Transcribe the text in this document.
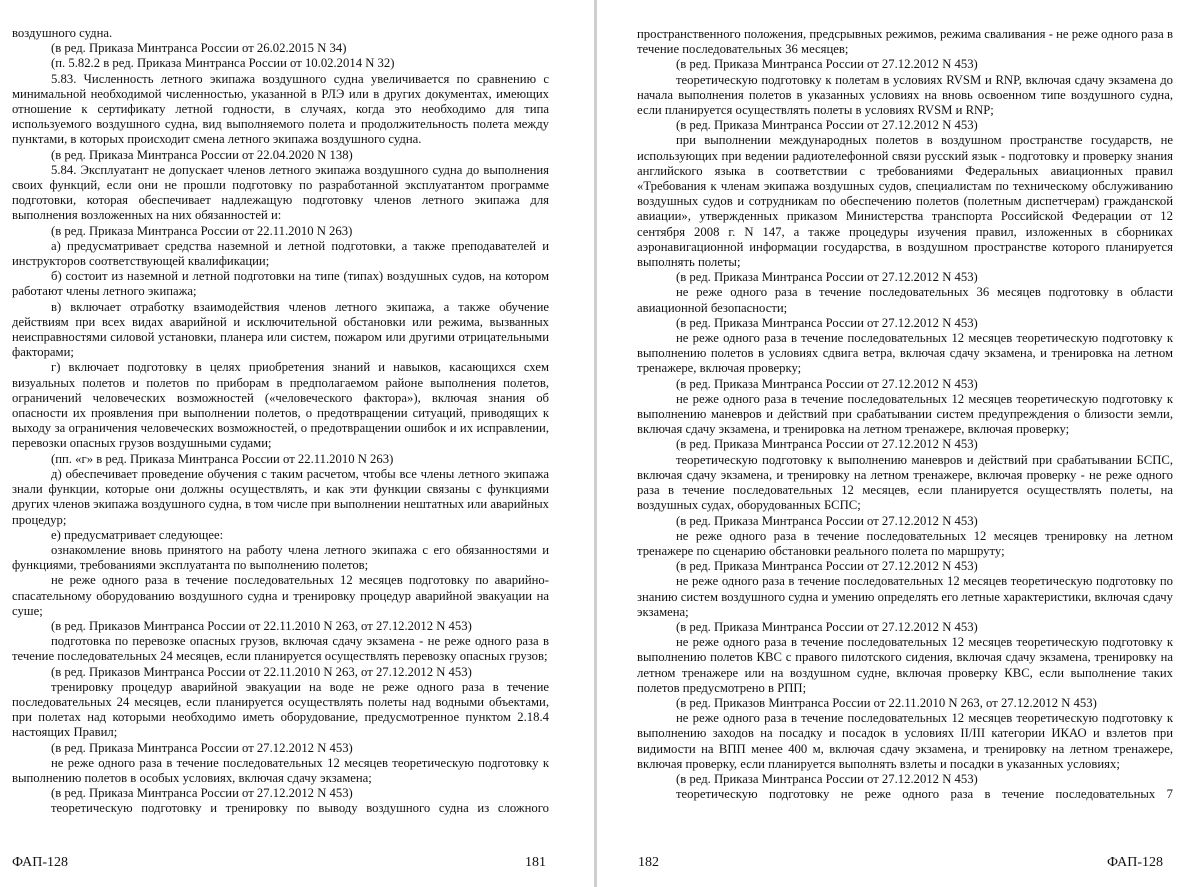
воздушного судна.

(в ред. Приказа Минтранса России от 26.02.2015 N 34)

(п. 5.82.2 в ред. Приказа Минтранса России от 10.02.2014 N 32)

5.83. Численность летного экипажа воздушного судна увеличивается по сравнению с минимальной необходимой численностью, указанной в РЛЭ или в других документах, имеющих отношение к сертификату летной годности, в случаях, когда это необходимо для типа используемого воздушного судна, вид выполняемого полета и продолжительность полета между пунктами, в которых происходит смена летного экипажа воздушного судна.

(в ред. Приказа Минтранса России от 22.04.2020 N 138)

5.84. Эксплуатант не допускает членов летного экипажа воздушного судна до выполнения своих функций, если они не прошли подготовку по разработанной эксплуатантом программе подготовки, которая обеспечивает надлежащую подготовку членов летного экипажа для выполнения возложенных на них обязанностей и:

(в ред. Приказа Минтранса России от 22.11.2010 N 263)

а) предусматривает средства наземной и летной подготовки, а также преподавателей и инструкторов соответствующей квалификации;

б) состоит из наземной и летной подготовки на типе (типах) воздушных судов, на котором работают члены летного экипажа;

в) включает отработку взаимодействия членов летного экипажа, а также обучение действиям при всех видах аварийной и исключительной обстановки или режима, вызванных неисправностями силовой установки, планера или систем, пожаром или другими отрицательными факторами;

г) включает подготовку в целях приобретения знаний и навыков, касающихся схем визуальных полетов и полетов по приборам в предполагаемом районе выполнения полетов, ограничений человеческих возможностей («человеческого фактора»), включая знания об опасности их проявления при выполнении полетов, о предотвращении ситуаций, приводящих к выходу за ограничения человеческих возможностей, о предотвращении ошибок и их исправлении, перевозки опасных грузов воздушными судами;

(пп. «г» в ред. Приказа Минтранса России от 22.11.2010 N 263)

д) обеспечивает проведение обучения с таким расчетом, чтобы все члены летного экипажа знали функции, которые они должны осуществлять, и как эти функции связаны с функциями других членов экипажа воздушного судна, в том числе при выполнении нештатных или аварийных процедур;

е) предусматривает следующее:

ознакомление вновь принятого на работу члена летного экипажа с его обязанностями и функциями, требованиями эксплуатанта по выполнению полетов;

не реже одного раза в течение последовательных 12 месяцев подготовку по аварийно-спасательному оборудованию воздушного судна и тренировку процедур аварийной эвакуации на суше;

(в ред. Приказов Минтранса России от 22.11.2010 N 263, от 27.12.2012 N 453)

подготовка по перевозке опасных грузов, включая сдачу экзамена - не реже одного раза в течение последовательных 24 месяцев, если планируется осуществлять перевозку опасных грузов;

(в ред. Приказов Минтранса России от 22.11.2010 N 263, от 27.12.2012 N 453)

тренировку процедур аварийной эвакуации на воде не реже одного раза в течение последовательных 24 месяцев, если планируется осуществлять полеты над водными объектами, при полетах над которыми необходимо иметь оборудование, предусмотренное пунктом 2.18.4 настоящих Правил;

(в ред. Приказа Минтранса России от 27.12.2012 N 453)

не реже одного раза в течение последовательных 12 месяцев теоретическую подготовку к выполнению полетов в особых условиях, включая сдачу экзамена;

(в ред. Приказа Минтранса России от 27.12.2012 N 453)

теоретическую подготовку и тренировку по выводу воздушного судна из сложного

ФАП-128	181

пространственного положения, предсрывных режимов, режима сваливания - не реже одного раза в течение последовательных 36 месяцев;

(в ред. Приказа Минтранса России от 27.12.2012 N 453)

теоретическую подготовку к полетам в условиях RVSM и RNP, включая сдачу экзамена до начала выполнения полетов в указанных условиях на вновь освоенном типе воздушного судна, если планируется осуществлять полеты в условиях RVSM и RNP;

(в ред. Приказа Минтранса России от 27.12.2012 N 453)

при выполнении международных полетов в воздушном пространстве государств, не использующих при ведении радиотелефонной связи русский язык - подготовку и проверку знания английского языка в соответствии с требованиями Федеральных авиационных правил «Требования к членам экипажа воздушных судов, специалистам по техническому обслуживанию воздушных судов и сотрудникам по обеспечению полетов (полетным диспетчерам) гражданской авиации», утвержденных приказом Министерства транспорта Российской Федерации от 12 сентября 2008 г. N 147, а также процедуры изучения правил, изложенных в сборниках аэронавигационной информации государства, в воздушном пространстве которого планируется выполнять полеты;

(в ред. Приказа Минтранса России от 27.12.2012 N 453)

не реже одного раза в течение последовательных 36 месяцев подготовку в области авиационной безопасности;

(в ред. Приказа Минтранса России от 27.12.2012 N 453)

не реже одного раза в течение последовательных 12 месяцев теоретическую подготовку к выполнению полетов в условиях сдвига ветра, включая сдачу экзамена, и тренировка на летном тренажере, включая проверку;

(в ред. Приказа Минтранса России от 27.12.2012 N 453)

не реже одного раза в течение последовательных 12 месяцев теоретическую подготовку к выполнению маневров и действий при срабатывании систем предупреждения о близости земли, включая сдачу экзамена, и тренировка на летном тренажере, включая проверку;

(в ред. Приказа Минтранса России от 27.12.2012 N 453)

теоретическую подготовку к выполнению маневров и действий при срабатывании БСПС, включая сдачу экзамена, и тренировку на летном тренажере, включая проверку - не реже одного раза в течение последовательных 12 месяцев, если планируется осуществлять полеты, на воздушных судах, оборудованных БСПС;

(в ред. Приказа Минтранса России от 27.12.2012 N 453)

не реже одного раза в течение последовательных 12 месяцев тренировку на летном тренажере по сценарию обстановки реального полета по маршруту;

(в ред. Приказа Минтранса России от 27.12.2012 N 453)

не реже одного раза в течение последовательных 12 месяцев теоретическую подготовку по знанию систем воздушного судна и умению определять его летные характеристики, включая сдачу экзамена;

(в ред. Приказа Минтранса России от 27.12.2012 N 453)

не реже одного раза в течение последовательных 12 месяцев теоретическую подготовку к выполнению полетов КВС с правого пилотского сидения, включая сдачу экзамена, тренировку на летном тренажере или на воздушном судне, включая проверку КВС, если выполнение таких полетов предусмотрено в РПП;

(в ред. Приказов Минтранса России от 22.11.2010 N 263, от 27.12.2012 N 453)

не реже одного раза в течение последовательных 12 месяцев теоретическую подготовку к выполнению заходов на посадку и посадок в условиях II/III категории ИКАО и взлетов при видимости на ВПП менее 400 м, включая сдачу экзамена, и тренировку на летном тренажере, включая проверку, если планируется выполнять взлеты и посадки в указанных условиях;

(в ред. Приказа Минтранса России от 27.12.2012 N 453)

теоретическую подготовку не реже одного раза в течение последовательных 7

182	ФАП-128
